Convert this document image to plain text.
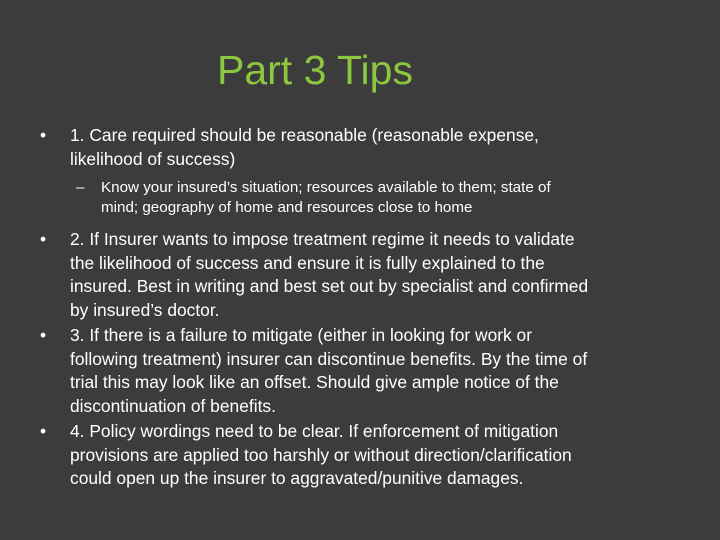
Part 3 Tips
• 1. Care required should be reasonable (reasonable expense,
likelihood of success)
– Know your insured’s situation; resources available to them; state of
mind; geography of home and resources close to home
• 2. If Insurer wants to impose treatment regime it needs to validate
the likelihood of success and ensure it is fully explained to the
insured. Best in writing and best set out by specialist and confirmed
by insured’s doctor.
• 3. If there is a failure to mitigate (either in looking for work or
following treatment) insurer can discontinue benefits. By the time of
trial this may look like an offset. Should give ample notice of the
discontinuation of benefits.
• 4. Policy wordings need to be clear. If enforcement of mitigation
provisions are applied too harshly or without direction/clarification
could open up the insurer to aggravated/punitive damages.
